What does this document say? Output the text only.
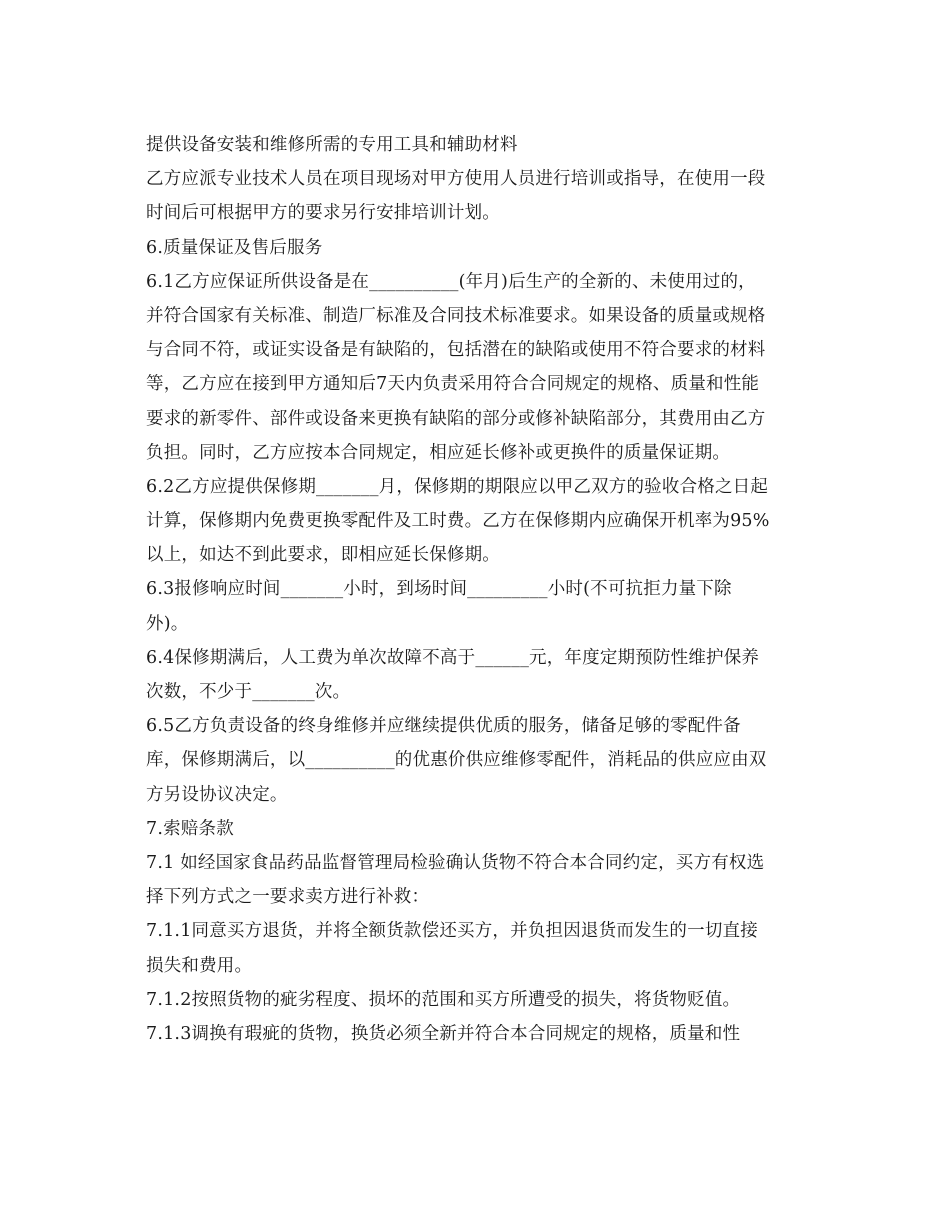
提供设备安装和维修所需的专用工具和辅助材料
乙方应派专业技术人员在项目现场对甲方使用人员进行培训或指导，在使用一段
时间后可根据甲方的要求另行安排培训计划。
6.质量保证及售后服务
6.1乙方应保证所供设备是在__________(年月)后生产的全新的、未使用过的，
并符合国家有关标准、制造厂标准及合同技术标准要求。如果设备的质量或规格
与合同不符，或证实设备是有缺陷的，包括潜在的缺陷或使用不符合要求的材料
等，乙方应在接到甲方通知后7天内负责采用符合合同规定的规格、质量和性能
要求的新零件、部件或设备来更换有缺陷的部分或修补缺陷部分，其费用由乙方
负担。同时，乙方应按本合同规定，相应延长修补或更换件的质量保证期。
6.2乙方应提供保修期_______月，保修期的期限应以甲乙双方的验收合格之日起
计算，保修期内免费更换零配件及工时费。乙方在保修期内应确保开机率为95%
以上，如达不到此要求，即相应延长保修期。
6.3报修响应时间_______小时，到场时间_________小时(不可抗拒力量下除
外)。
6.4保修期满后，人工费为单次故障不高于______元，年度定期预防性维护保养
次数，不少于_______次。
6.5乙方负责设备的终身维修并应继续提供优质的服务，储备足够的零配件备
库，保修期满后，以__________的优惠价供应维修零配件，消耗品的供应应由双
方另设协议决定。
7.索赔条款
7.1 如经国家食品药品监督管理局检验确认货物不符合本合同约定，买方有权选
择下列方式之一要求卖方进行补救：
7.1.1同意买方退货，并将全额货款偿还买方，并负担因退货而发生的一切直接
损失和费用。
7.1.2按照货物的疵劣程度、损坏的范围和买方所遭受的损失，将货物贬值。
7.1.3调换有瑕疵的货物，换货必须全新并符合本合同规定的规格，质量和性
